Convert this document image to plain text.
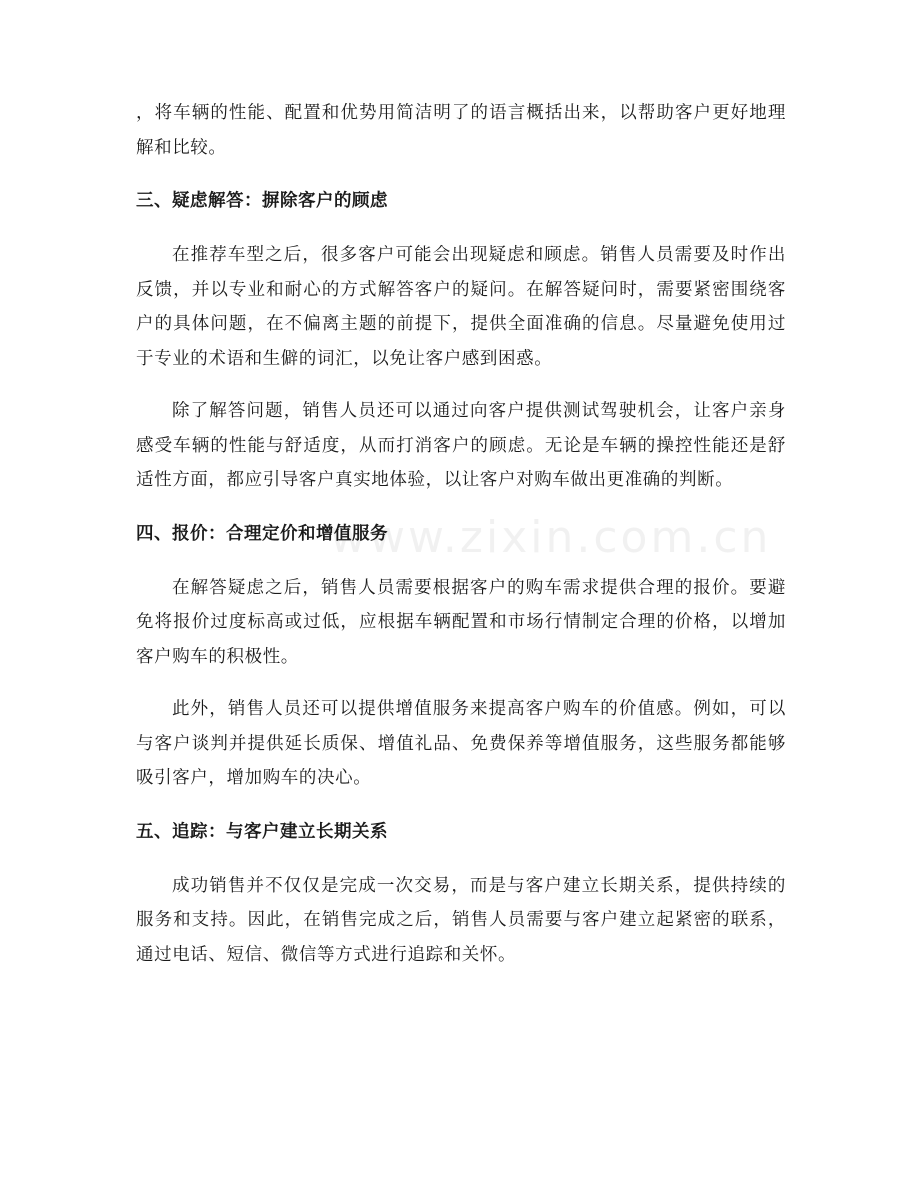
www.zixin.com.cn

，将车辆的性能、配置和优势用简洁明了的语言概括出来，以帮助客户更好地理解和比较。

三、疑虑解答：摒除客户的顾虑

在推荐车型之后，很多客户可能会出现疑虑和顾虑。销售人员需要及时作出反馈，并以专业和耐心的方式解答客户的疑问。在解答疑问时，需要紧密围绕客户的具体问题，在不偏离主题的前提下，提供全面准确的信息。尽量避免使用过于专业的术语和生僻的词汇，以免让客户感到困惑。

除了解答问题，销售人员还可以通过向客户提供测试驾驶机会，让客户亲身感受车辆的性能与舒适度，从而打消客户的顾虑。无论是车辆的操控性能还是舒适性方面，都应引导客户真实地体验，以让客户对购车做出更准确的判断。

四、报价：合理定价和增值服务

在解答疑虑之后，销售人员需要根据客户的购车需求提供合理的报价。要避免将报价过度标高或过低，应根据车辆配置和市场行情制定合理的价格，以增加客户购车的积极性。

此外，销售人员还可以提供增值服务来提高客户购车的价值感。例如，可以与客户谈判并提供延长质保、增值礼品、免费保养等增值服务，这些服务都能够吸引客户，增加购车的决心。

五、追踪：与客户建立长期关系

成功销售并不仅仅是完成一次交易，而是与客户建立长期关系，提供持续的服务和支持。因此，在销售完成之后，销售人员需要与客户建立起紧密的联系，通过电话、短信、微信等方式进行追踪和关怀。
